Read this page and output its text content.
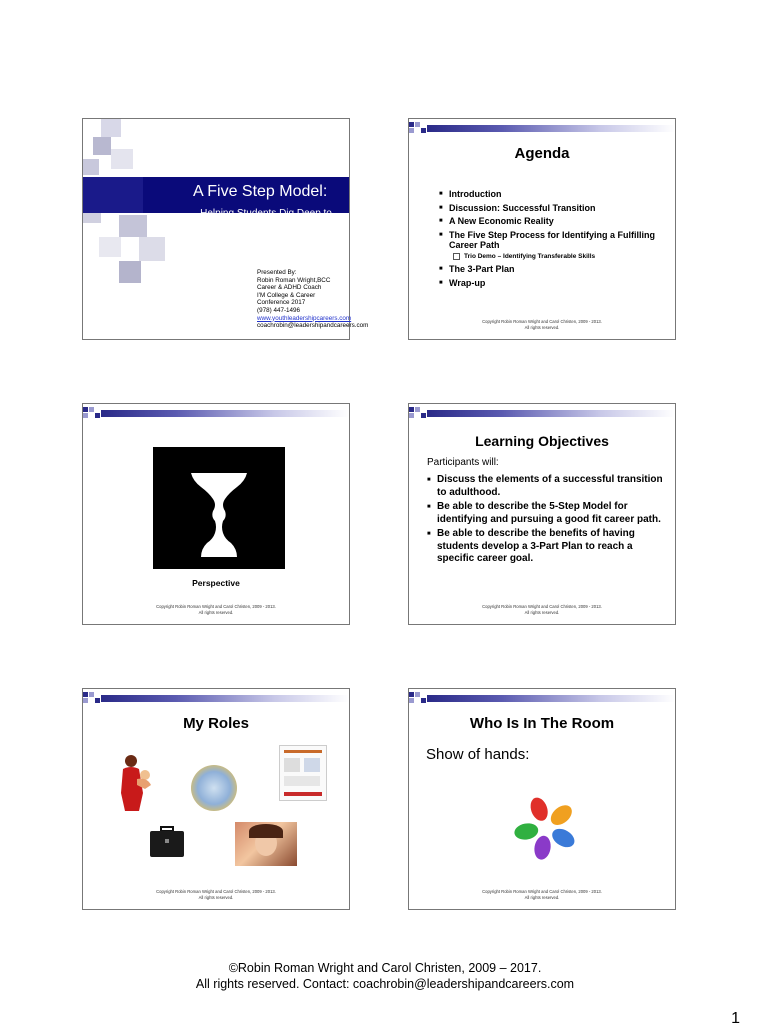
A Five Step Model:
Helping Students Dig Deep to Understand Their Options and Develop Career Goals
Presented By:
Robin Roman Wright,BCC
Career & ADHD Coach
I'M College & Career
Conference 2017
(978) 447-1496
www.youthleadershipcareers.com
coachrobin@leadershipandcareers.com
Agenda
■ Introduction
■ Discussion: Successful Transition
■ A New Economic Reality
■ The Five Step Process for Identifying a Fulfilling Career Path
Trio Demo – Identifying Transferable Skills
■ The 3-Part Plan
■ Wrap-up
Copyright Robin Roman Wright and Carol Christen, 2009 - 2013.
All rights reserved.
Perspective
Copyright Robin Roman Wright and Carol Christen, 2009 - 2013.
All rights reserved.
Learning Objectives
Participants will:
■ Discuss the elements of a successful transition to adulthood.
■ Be able to describe the 5-Step Model for identifying and pursuing a good fit career path.
■ Be able to describe the benefits of having students develop a 3-Part Plan to reach a specific career goal.
Copyright Robin Roman Wright and Carol Christen, 2009 - 2013.
All rights reserved.
My Roles
Copyright Robin Roman Wright and Carol Christen, 2009 - 2013.
All rights reserved.
Who Is In The Room
Show of hands:
Copyright Robin Roman Wright and Carol Christen, 2009 - 2013.
All rights reserved.
©Robin Roman Wright and Carol Christen, 2009 – 2017.
All rights reserved. Contact: coachrobin@leadershipandcareers.com
1
